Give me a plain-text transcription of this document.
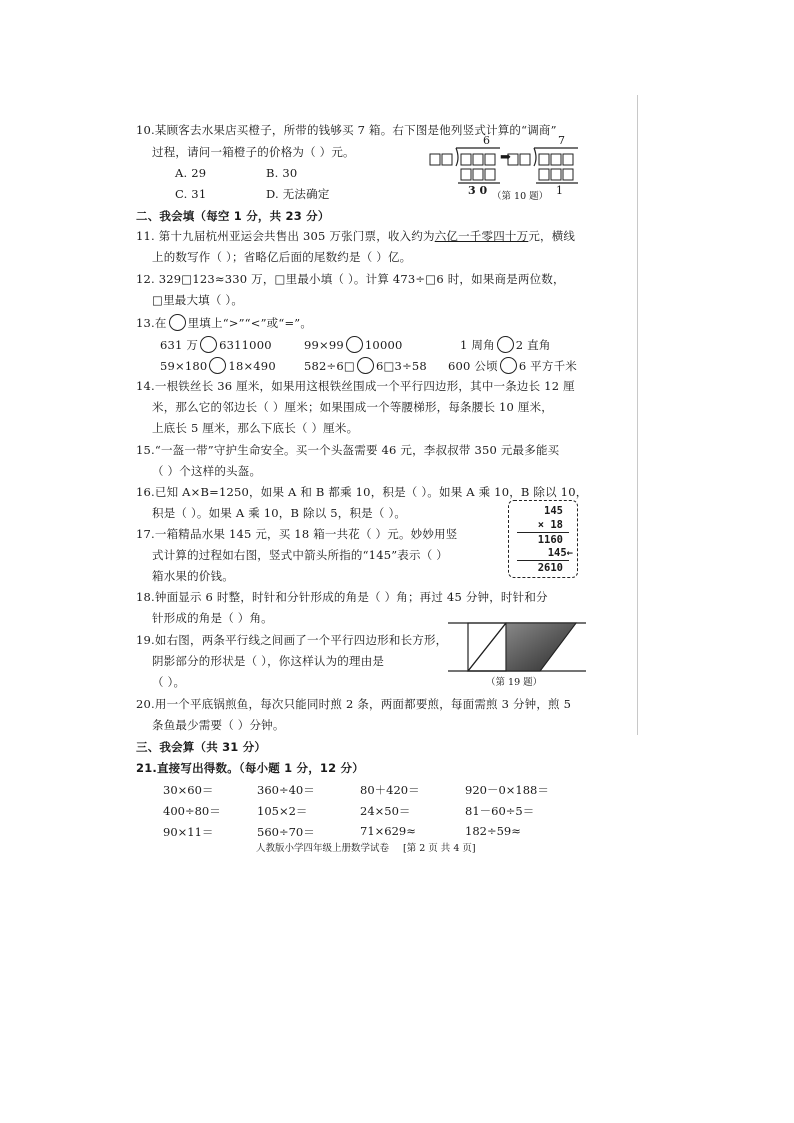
10.某顾客去水果店买橙子，所带的钱够买 7 箱。右下图是他列竖式计算的“调商”
过程，请问一箱橙子的价格为（ ）元。
A. 29	B. 30
C. 31	D. 无法确定
6	7
3 0	1
➡
（第 10 题）
二、我会填（每空 1 分，共 23 分）
11. 第十九届杭州亚运会共售出 305 万张门票，收入约为六亿一千零四十万元，横线
上的数写作（ ）；省略亿后面的尾数约是（ ）亿。
12. 329□123≈330 万，□里最小填（ ）。计算 473÷□6 时，如果商是两位数，
□里最大填（ ）。
13.在 里填上“>”“<”或“=”。
631 万 6311000	99×99 10000	1 周角 2 直角
59×180 18×490 582÷6□ 6□3÷58 600 公顷 6 平方千米
14.一根铁丝长 36 厘米，如果用这根铁丝围成一个平行四边形，其中一条边长 12 厘
米，那么它的邻边长（ ）厘米；如果围成一个等腰梯形，每条腰长 10 厘米，
上底长 5 厘米，那么下底长（ ）厘米。
15.“一盔一带”守护生命安全。买一个头盔需要 46 元，李叔叔带 350 元最多能买
（ ）个这样的头盔。
16.已知 A×B=1250，如果 A 和 B 都乘 10，积是（ ）。如果 A 乘 10，B 除以 10，
积是（ ）。如果 A 乘 10，B 除以 5，积是（ ）。
17.一箱精品水果 145 元，买 18 箱一共花（ ）元。妙妙用竖
式计算的过程如右图，竖式中箭头所指的“145”表示（ ）
箱水果的价钱。
145
× 18
1160
145←
2610
18.钟面显示 6 时整，时针和分针形成的角是（ ）角；再过 45 分钟，时针和分
针形成的角是（ ）角。
19.如右图，两条平行线之间画了一个平行四边形和长方形，
阴影部分的形状是（ ），你这样认为的理由是
（ ）。	（第 19 题）
20.用一个平底锅煎鱼，每次只能同时煎 2 条，两面都要煎，每面需煎 3 分钟，煎 5
条鱼最少需要（ ）分钟。
三、我会算（共 31 分）
21.直接写出得数。（每小题 1 分，12 分）
30×60＝	360÷40＝	80＋420＝	920－0×188＝
400÷80＝	105×2＝	24×50＝	81－60÷5＝
90×11＝	560÷70＝	71×629≈	182÷59≈
人教版小学四年级上册数学试卷 [第 2 页 共 4 页]
